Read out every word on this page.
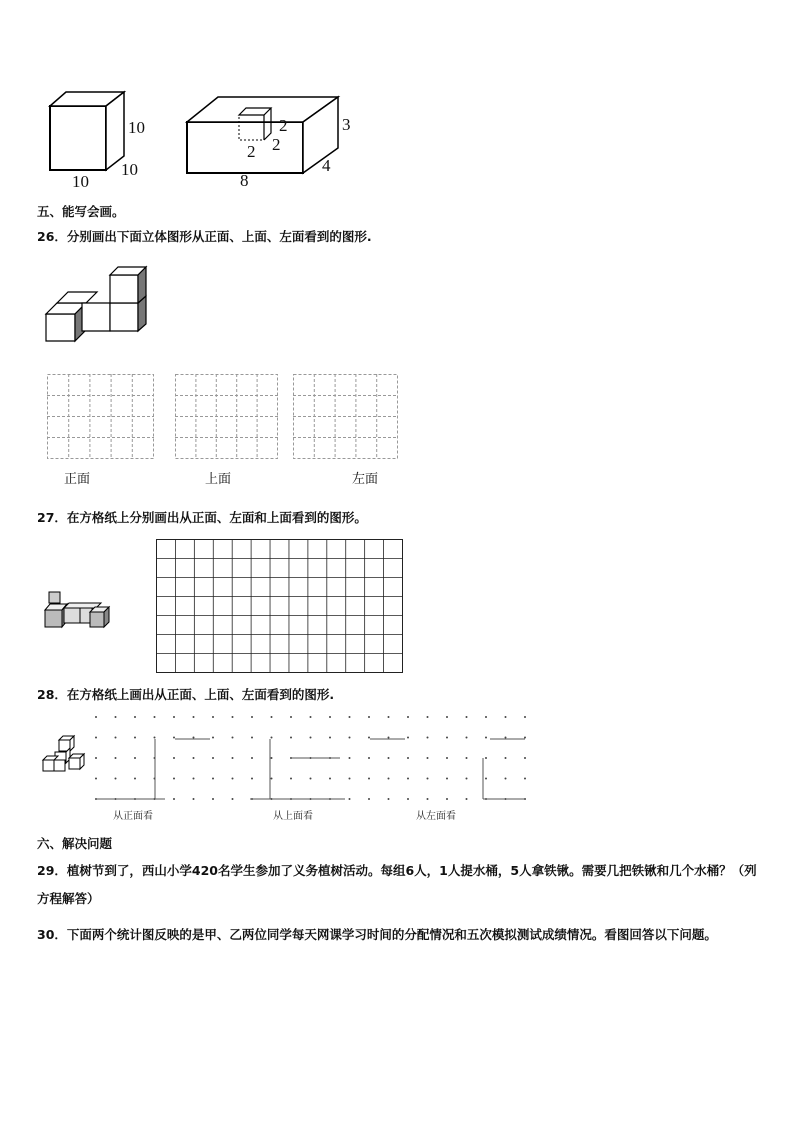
10
10
10
2
2 2
3
4
8
五、能写会画。
26．分别画出下面立体图形从正面、上面、左面看到的图形.
正面	上面	左面
27．在方格纸上分别画出从正面、左面和上面看到的图形。
28．在方格纸上画出从正面、上面、左面看到的图形.
从正面看	从上面看	从左面看
六、解决问题
29．植树节到了，西山小学420名学生参加了义务植树活动。每组6人，1人提水桶，5人拿铁锹。需要几把铁锹和几个水桶？（列方程解答）
30．下面两个统计图反映的是甲、乙两位同学每天网课学习时间的分配情况和五次模拟测试成绩情况。看图回答以下问题。
